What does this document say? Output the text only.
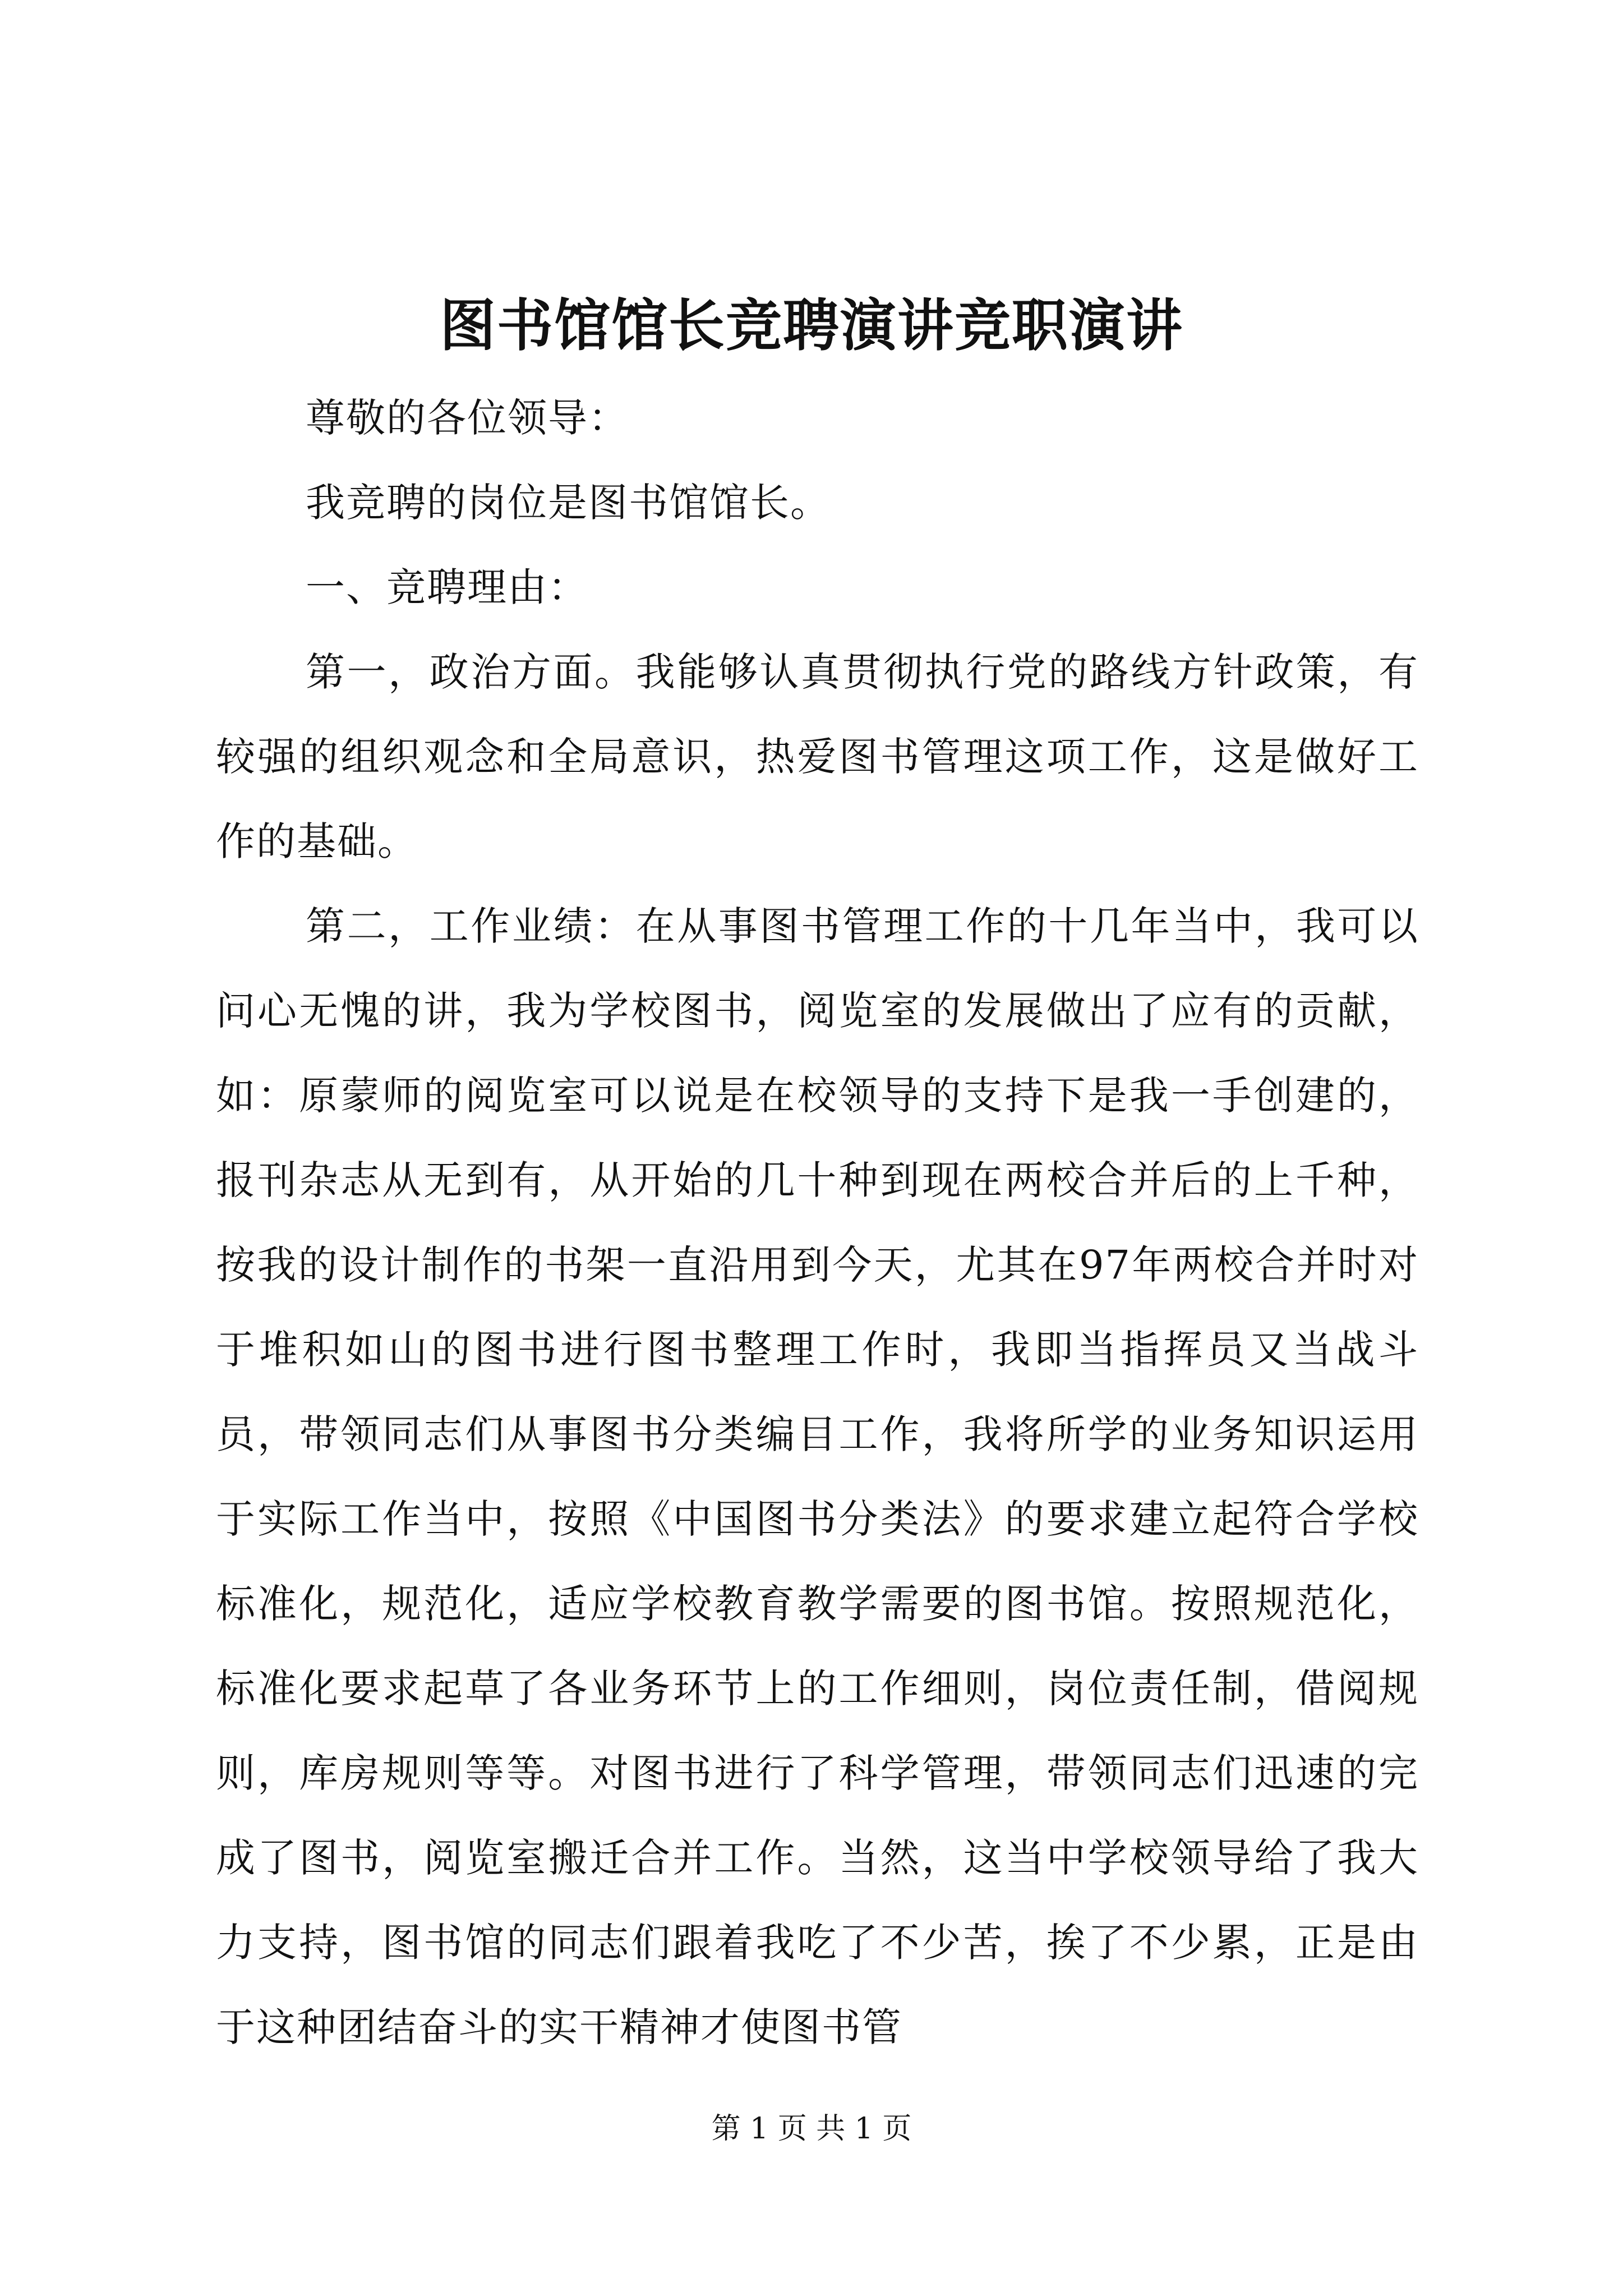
图书馆馆长竞聘演讲竞职演讲

尊敬的各位领导：

我竞聘的岗位是图书馆馆长。

一、竞聘理由：

第一，政治方面。我能够认真贯彻执行党的路线方针政策，有较强的组织观念和全局意识，热爱图书管理这项工作，这是做好工作的基础。

第二，工作业绩：在从事图书管理工作的十几年当中，我可以问心无愧的讲，我为学校图书，阅览室的发展做出了应有的贡献，如：原蒙师的阅览室可以说是在校领导的支持下是我一手创建的，报刊杂志从无到有，从开始的几十种到现在两校合并后的上千种，按我的设计制作的书架一直沿用到今天，尤其在97年两校合并时对于堆积如山的图书进行图书整理工作时，我即当指挥员又当战斗员，带领同志们从事图书分类编目工作，我将所学的业务知识运用于实际工作当中，按照《中国图书分类法》的要求建立起符合学校标准化，规范化，适应学校教育教学需要的图书馆。按照规范化，标准化要求起草了各业务环节上的工作细则，岗位责任制，借阅规则，库房规则等等。对图书进行了科学管理，带领同志们迅速的完成了图书，阅览室搬迁合并工作。当然，这当中学校领导给了我大力支持，图书馆的同志们跟着我吃了不少苦，挨了不少累，正是由于这种团结奋斗的实干精神才使图书管

第 1 页 共 1 页
